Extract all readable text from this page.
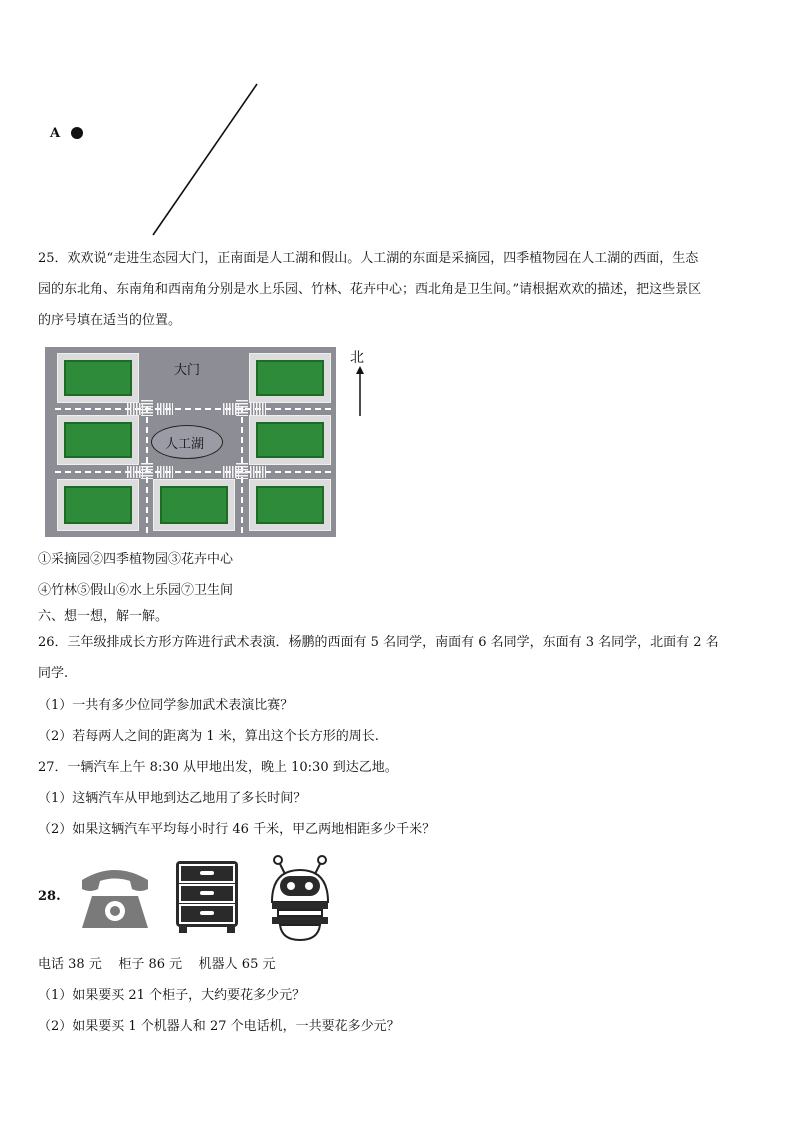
A
25．欢欢说“走进生态园大门，正南面是人工湖和假山。人工湖的东面是采摘园，四季植物园在人工湖的西面，生态
园的东北角、东南角和西南角分别是水上乐园、竹林、花卉中心；西北角是卫生间。”请根据欢欢的描述，把这些景区
的序号填在适当的位置。
大门
人工湖
北
①采摘园②四季植物园③花卉中心
④竹林⑤假山⑥水上乐园⑦卫生间
六、想一想，解一解。
26．三年级排成长方形方阵进行武术表演．杨鹏的西面有 5 名同学，南面有 6 名同学，东面有 3 名同学，北面有 2 名
同学.
（1）一共有多少位同学参加武术表演比赛？
（2）若每两人之间的距离为 1 米，算出这个长方形的周长.
27．一辆汽车上午 8:30 从甲地出发，晚上 10:30 到达乙地。
（1）这辆汽车从甲地到达乙地用了多长时间？
（2）如果这辆汽车平均每小时行 46 千米，甲乙两地相距多少千米？
28.
电话 38 元    柜子 86 元    机器人 65 元
（1）如果要买 21 个柜子，大约要花多少元？
（2）如果要买 1 个机器人和 27 个电话机，一共要花多少元？
